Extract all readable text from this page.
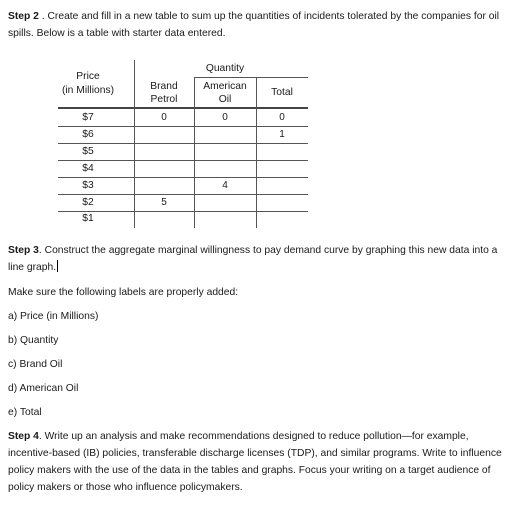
Step 2 . Create and fill in a new table to sum up the quantities of incidents tolerated by the companies for oil spills. Below is a table with starter data entered.

Price
(in Millions)
Quantity
Brand
Petrol
American
Oil
Total
$7
$6
$5
$4
$3
$2
$1
0
5
0
4
0
1

Step 3. Construct the aggregate marginal willingness to pay demand curve by graphing this new data into a line graph.

Make sure the following labels are properly added:

a) Price (in Millions)

b) Quantity

c) Brand Oil

d) American Oil

e) Total

Step 4. Write up an analysis and make recommendations designed to reduce pollution—for example, incentive-based (IB) policies, transferable discharge licenses (TDP), and similar programs. Write to influence policy makers with the use of the data in the tables and graphs. Focus your writing on a target audience of policy makers or those who influence policymakers.
